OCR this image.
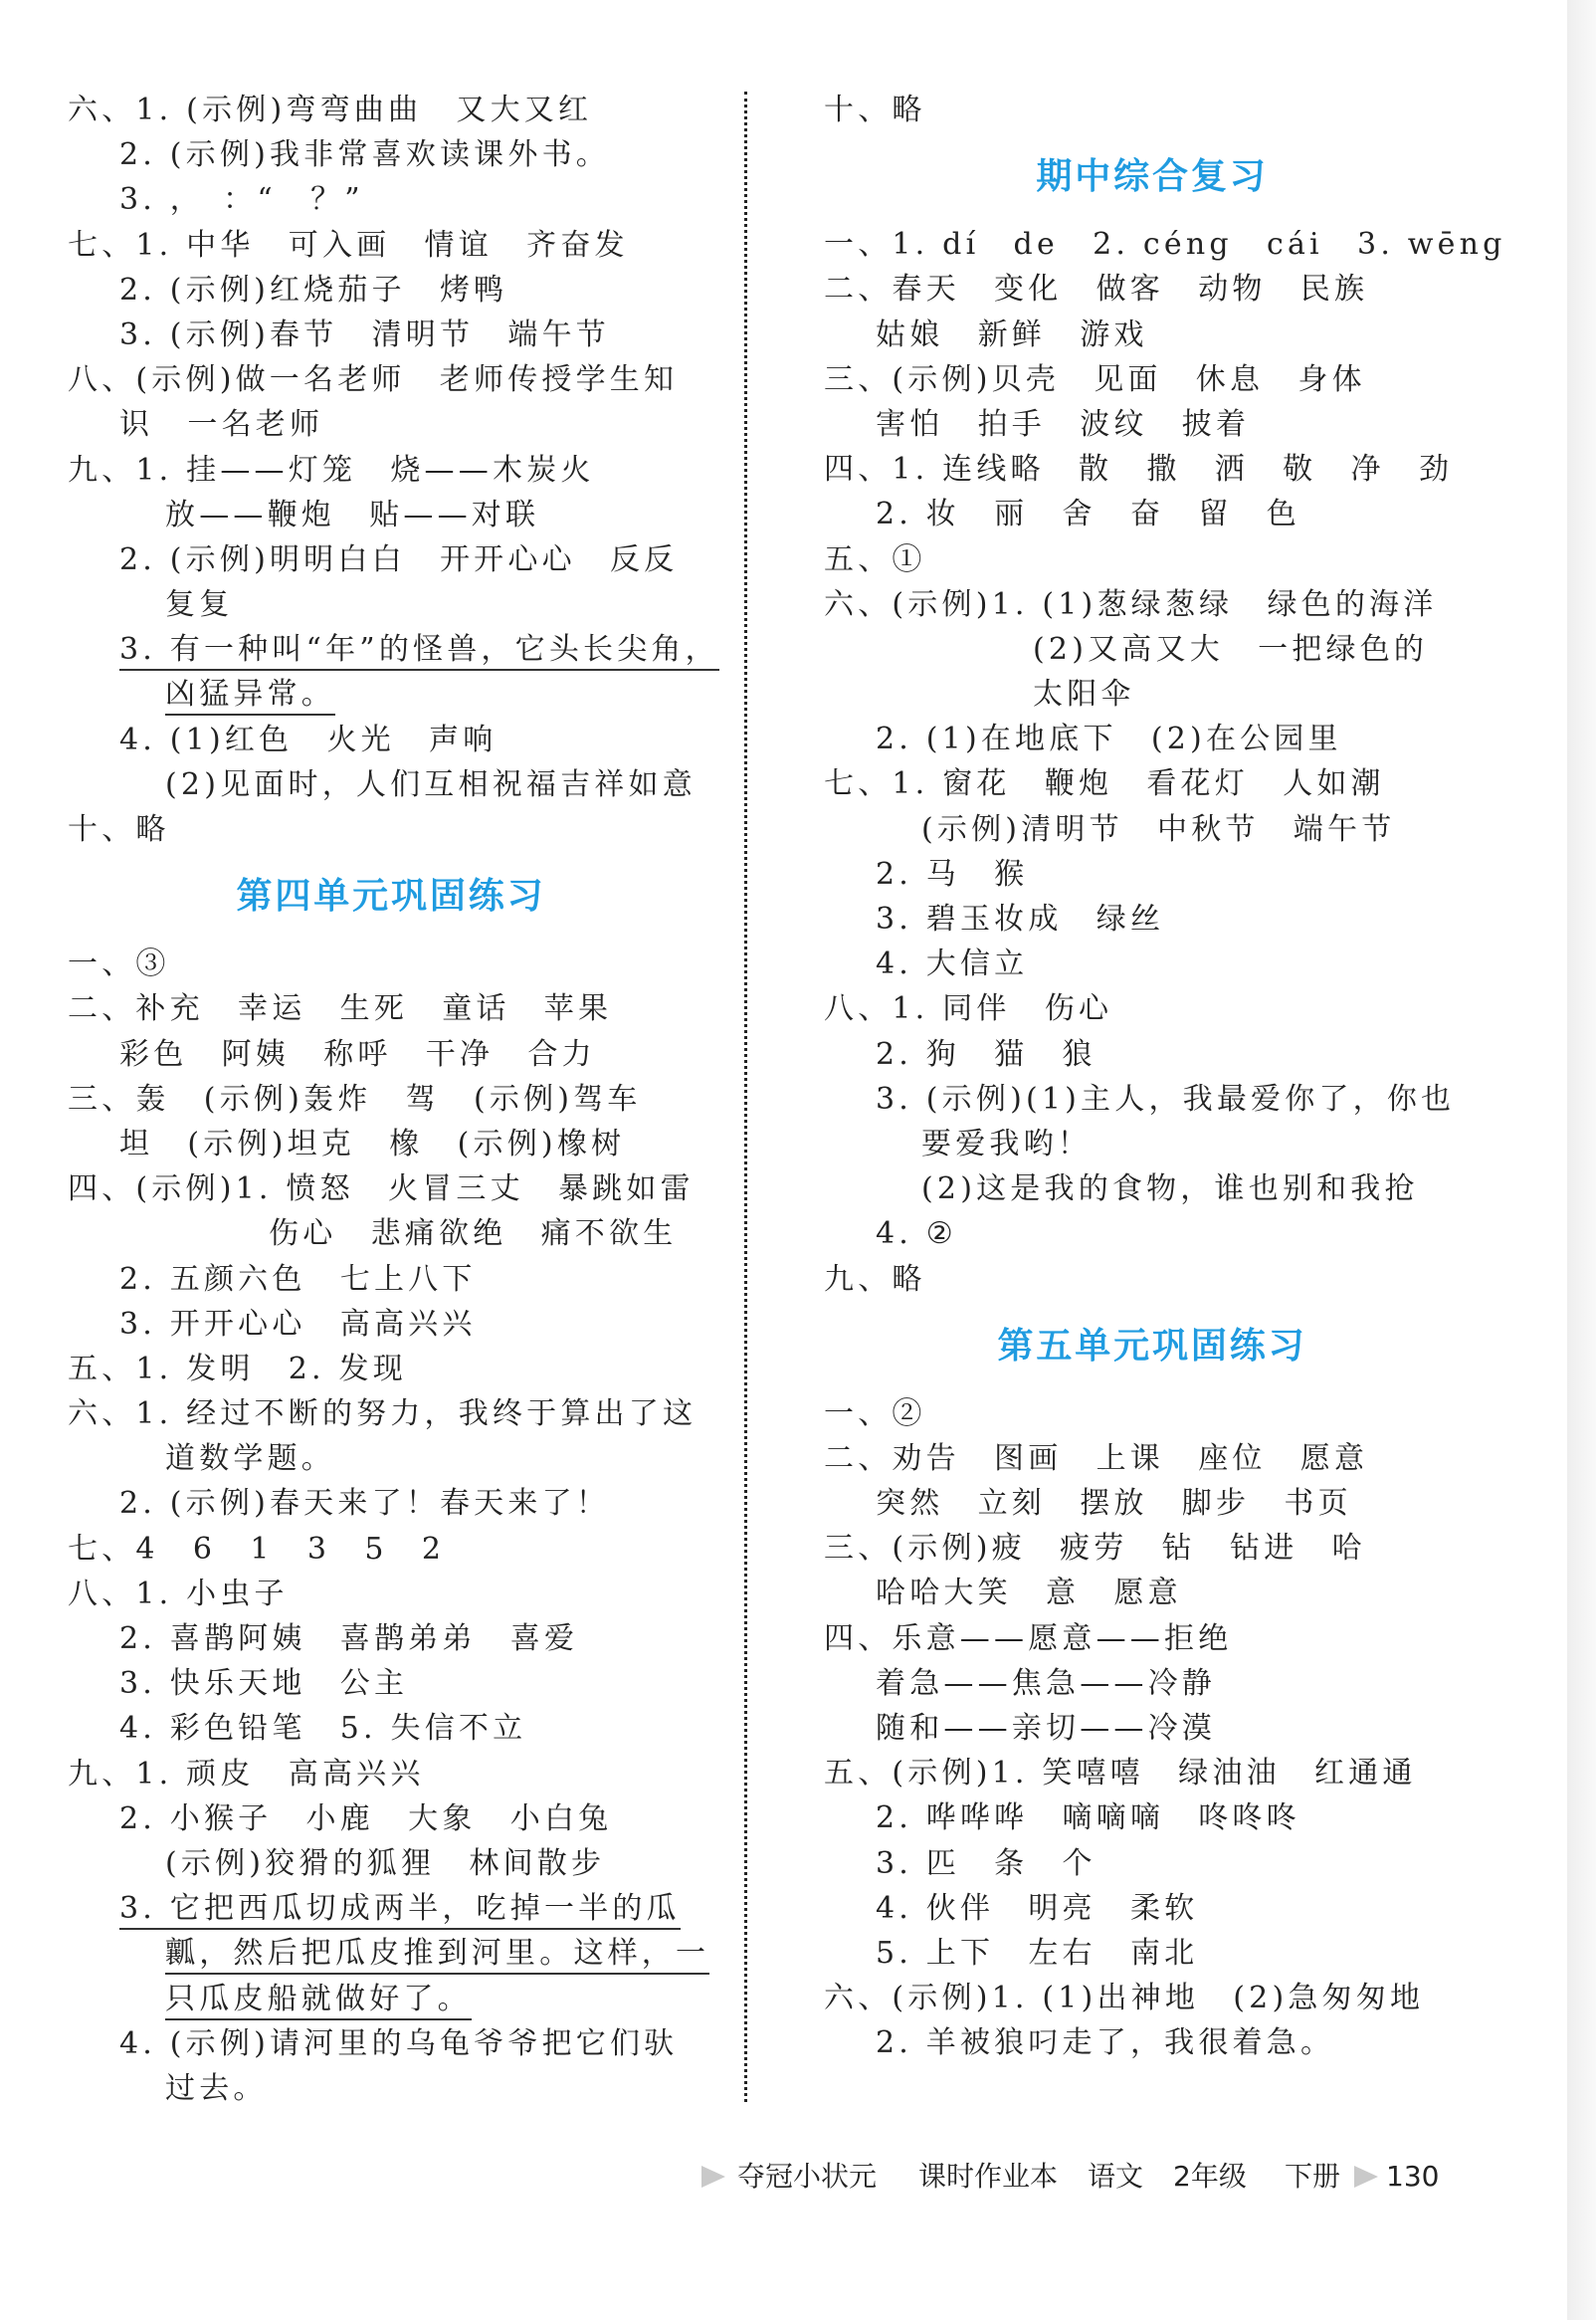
六、1. (示例)弯弯曲曲　又大又红
2. (示例)我非常喜欢读课外书。
3. ，　：“　？”
七、1. 中华　可入画　情谊　齐奋发
2. (示例)红烧茄子　烤鸭
3. (示例)春节　清明节　端午节
八、(示例)做一名老师　老师传授学生知
识　一名老师
九、1. 挂——灯笼　烧——木炭火
放——鞭炮　贴——对联
2. (示例)明明白白　开开心心　反反
复复
3. 有一种叫“年”的怪兽，它头长尖角，
凶猛异常。
4. (1)红色　火光　声响
(2)见面时，人们互相祝福吉祥如意
十、略
第四单元巩固练习
一、③
二、补充　幸运　生死　童话　苹果
彩色　阿姨　称呼　干净　合力
三、轰　(示例)轰炸　驾　(示例)驾车
坦　(示例)坦克　橡　(示例)橡树
四、(示例)1. 愤怒　火冒三丈　暴跳如雷
伤心　悲痛欲绝　痛不欲生
2. 五颜六色　七上八下
3. 开开心心　高高兴兴
五、1. 发明　2. 发现
六、1. 经过不断的努力，我终于算出了这
道数学题。
2. (示例)春天来了！春天来了！
七、4　6　1　3　5　2
八、1. 小虫子
2. 喜鹊阿姨　喜鹊弟弟　喜爱
3. 快乐天地　公主
4. 彩色铅笔　5. 失信不立
九、1. 顽皮　高高兴兴
2. 小猴子　小鹿　大象　小白兔
(示例)狡猾的狐狸　林间散步
3. 它把西瓜切成两半，吃掉一半的瓜
瓤，然后把瓜皮推到河里。这样，一
只瓜皮船就做好了。
4. (示例)请河里的乌龟爷爷把它们驮
过去。
十、略
期中综合复习
一、1. dí　de　2. céng　cái　3. wēng
二、春天　变化　做客　动物　民族
姑娘　新鲜　游戏
三、(示例)贝壳　见面　休息　身体
害怕　拍手　波纹　披着
四、1. 连线略　散　撒　洒　敬　净　劲
2. 妆　丽　舍　奋　留　色
五、①
六、(示例)1. (1)葱绿葱绿　绿色的海洋
(2)又高又大　一把绿色的
太阳伞
2. (1)在地底下　(2)在公园里
七、1. 窗花　鞭炮　看花灯　人如潮
(示例)清明节　中秋节　端午节
2. 马　猴
3. 碧玉妆成　绿丝
4. 大信立
八、1. 同伴　伤心
2. 狗　猫　狼
3. (示例)(1)主人，我最爱你了，你也
要爱我哟！
(2)这是我的食物，谁也别和我抢
4. ②
九、略
第五单元巩固练习
一、②
二、劝告　图画　上课　座位　愿意
突然　立刻　摆放　脚步　书页
三、(示例)疲　疲劳　钻　钻进　哈
哈哈大笑　意　愿意
四、乐意——愿意——拒绝
着急——焦急——冷静
随和——亲切——冷漠
五、(示例)1. 笑嘻嘻　绿油油　红通通
2. 哗哗哗　嘀嘀嘀　咚咚咚
3. 匹　条　个
4. 伙伴　明亮　柔软
5. 上下　左右　南北
六、(示例)1. (1)出神地　(2)急匆匆地
2. 羊被狼叼走了，我很着急。
夺冠小状元 课时作业本 语文 2年级 下册 130
